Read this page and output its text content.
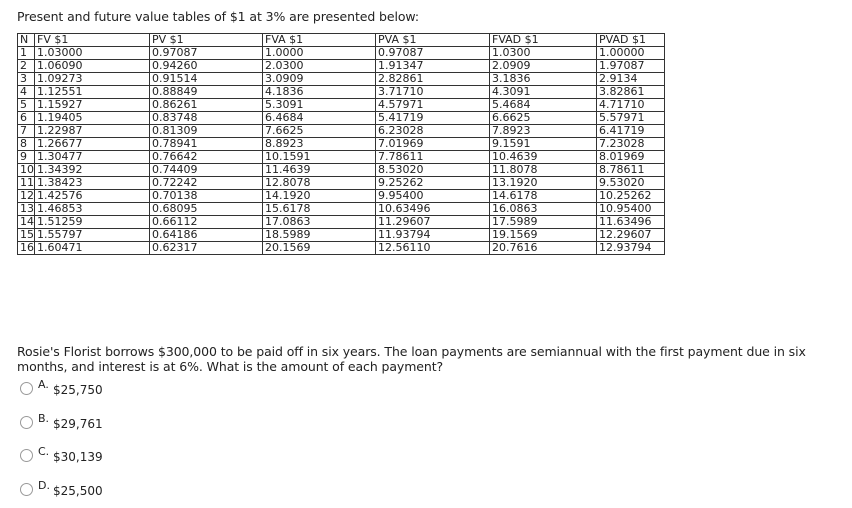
Present and future value tables of $1 at 3% are presented below:
N	FV $1	PV $1	FVA $1	PVA $1	FVAD $1	PVAD $1
1	1.03000	0.97087	1.0000	0.97087	1.0300	1.00000
2	1.06090	0.94260	2.0300	1.91347	2.0909	1.97087
3	1.09273	0.91514	3.0909	2.82861	3.1836	2.9134
4	1.12551	0.88849	4.1836	3.71710	4.3091	3.82861
5	1.15927	0.86261	5.3091	4.57971	5.4684	4.71710
6	1.19405	0.83748	6.4684	5.41719	6.6625	5.57971
7	1.22987	0.81309	7.6625	6.23028	7.8923	6.41719
8	1.26677	0.78941	8.8923	7.01969	9.1591	7.23028
9	1.30477	0.76642	10.1591	7.78611	10.4639	8.01969
10	1.34392	0.74409	11.4639	8.53020	11.8078	8.78611
11	1.38423	0.72242	12.8078	9.25262	13.1920	9.53020
12	1.42576	0.70138	14.1920	9.95400	14.6178	10.25262
13	1.46853	0.68095	15.6178	10.63496	16.0863	10.95400
14	1.51259	0.66112	17.0863	11.29607	17.5989	11.63496
15	1.55797	0.64186	18.5989	11.93794	19.1569	12.29607
16	1.60471	0.62317	20.1569	12.56110	20.7616	12.93794
Rosie's Florist borrows $300,000 to be paid off in six years. The loan payments are semiannual with the first payment due in six months, and interest is at 6%. What is the amount of each payment?
A. $25,750
B. $29,761
C. $30,139
D. $25,500
